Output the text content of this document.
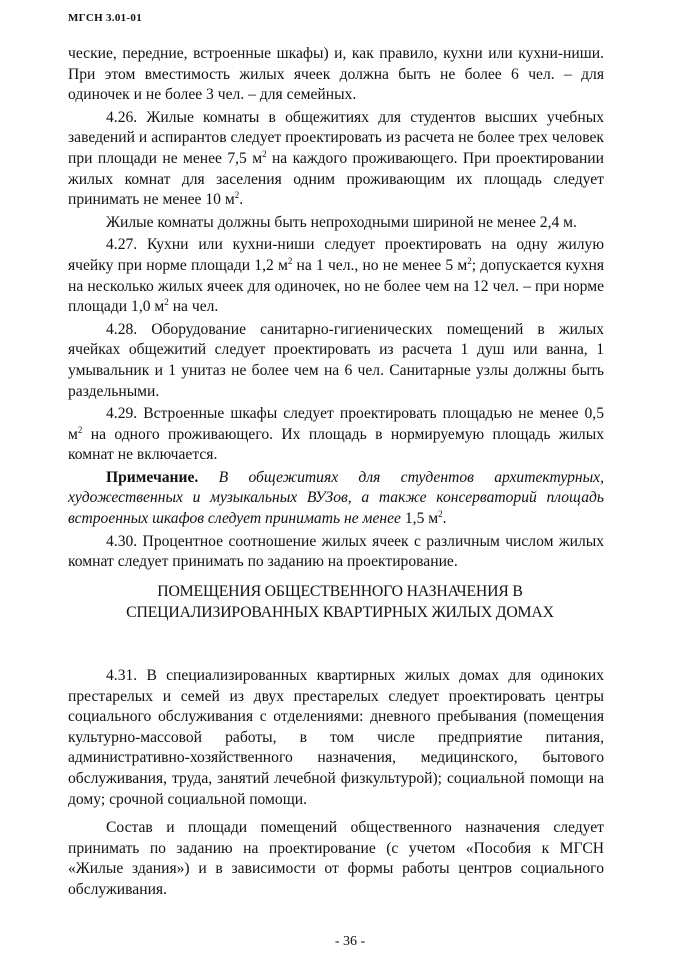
МГСН 3.01-01

ческие, передние, встроенные шкафы) и, как правило, кухни или кухни-ниши. При этом вместимость жилых ячеек должна быть не более 6 чел. – для одиночек и не более 3 чел. – для семейных.

4.26. Жилые комнаты в общежитиях для студентов высших учебных заведений и аспирантов следует проектировать из расчета не более трех человек при площади не менее 7,5 $м^2$ на каждого проживающего. При проектировании жилых комнат для заселения одним проживающим их площадь следует принимать не менее 10 $м^2$.

Жилые комнаты должны быть непроходными шириной не менее 2,4 м.

4.27. Кухни или кухни-ниши следует проектировать на одну жилую ячейку при норме площади 1,2 $м^2$ на 1 чел., но не менее 5 $м^2$; допускается кухня на несколько жилых ячеек для одиночек, но не более чем на 12 чел. – при норме площади 1,0 $м^2$ на чел.

4.28. Оборудование санитарно-гигиенических помещений в жилых ячейках общежитий следует проектировать из расчета 1 душ или ванна, 1 умывальник и 1 унитаз не более чем на 6 чел. Санитарные узлы должны быть раздельными.

4.29. Встроенные шкафы следует проектировать площадью не менее 0,5 $м^2$ на одного проживающего. Их площадь в нормируемую площадь жилых комнат не включается.

Примечание. В общежитиях для студентов архитектурных, художественных и музыкальных ВУЗов, а также консерваторий площадь встроенных шкафов следует принимать не менее 1,5 $м^2$.

4.30. Процентное соотношение жилых ячеек с различным числом жилых комнат следует принимать по заданию на проектирование.

ПОМЕЩЕНИЯ ОБЩЕСТВЕННОГО НАЗНАЧЕНИЯ В СПЕЦИАЛИЗИРОВАННЫХ КВАРТИРНЫХ ЖИЛЫХ ДОМАХ

4.31. В специализированных квартирных жилых домах для одиноких престарелых и семей из двух престарелых следует проектировать центры социального обслуживания с отделениями: дневного пребывания (помещения культурно-массовой работы, в том числе предприятие питания, административно-хозяйственного назначения, медицинского, бытового обслуживания, труда, занятий лечебной физкультурой); социальной помощи на дому; срочной социальной помощи.

Состав и площади помещений общественного назначения следует принимать по заданию на проектирование (с учетом «Пособия к МГСН «Жилые здания») и в зависимости от формы работы центров социального обслуживания.

- 36 -
